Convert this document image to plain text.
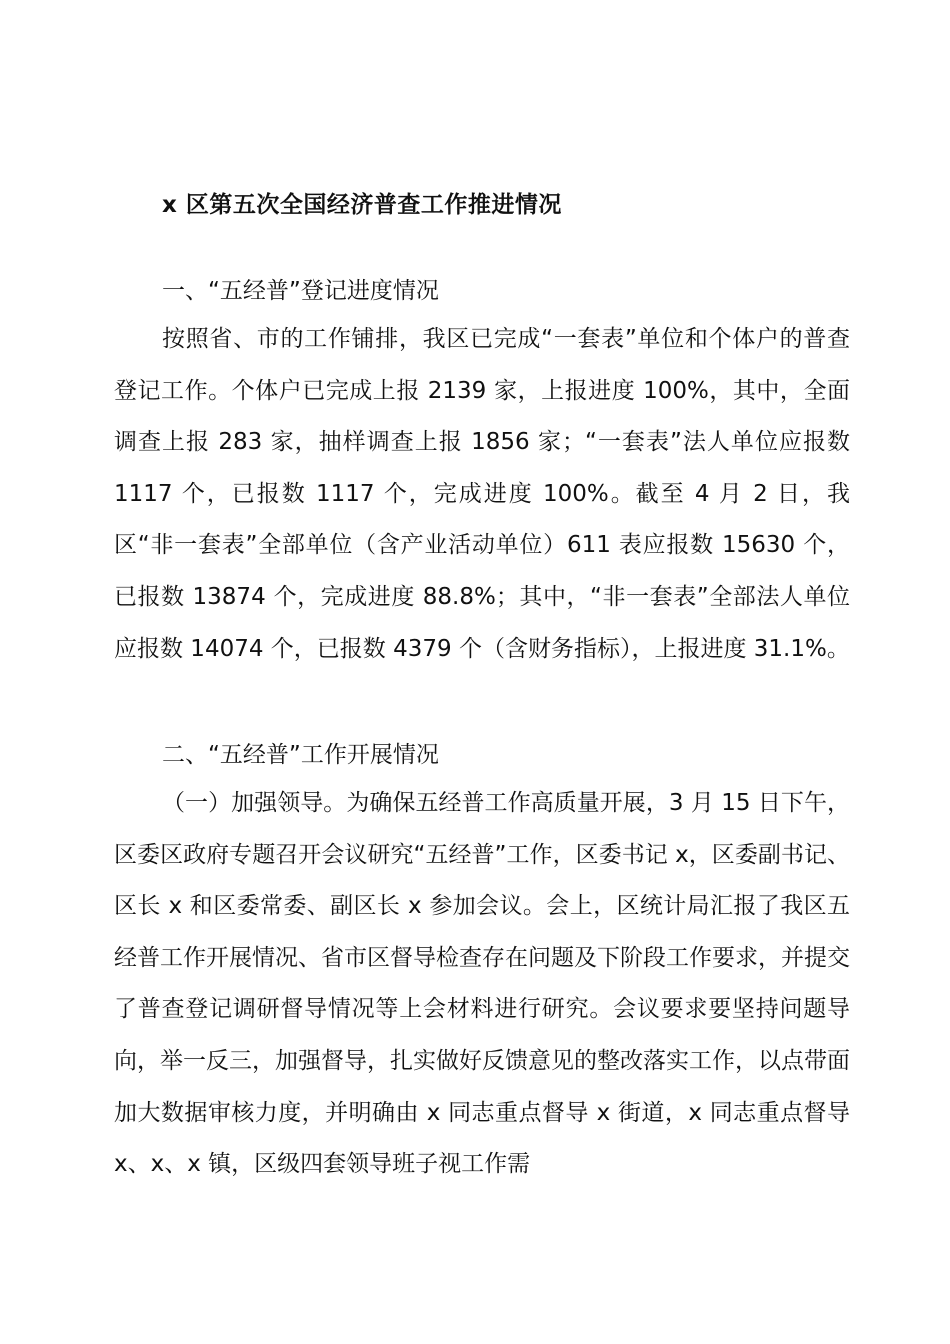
x 区第五次全国经济普查工作推进情况
一、“五经普”登记进度情况

按照省、市的工作铺排，我区已完成“一套表”单位和个体户的普查登记工作。个体户已完成上报 2139 家，上报进度 100%，其中，全面调查上报 283 家，抽样调查上报 1856 家；“一套表”法人单位应报数 1117 个，已报数 1117 个，完成进度 100%。截至 4 月 2 日，我区“非一套表”全部单位（含产业活动单位）611 表应报数 15630 个，已报数 13874 个，完成进度 88.8%；其中，“非一套表”全部法人单位应报数 14074 个，已报数 4379 个（含财务指标），上报进度 31.1%。

二、“五经普”工作开展情况

（一）加强领导。为确保五经普工作高质量开展，3 月 15 日下午，区委区政府专题召开会议研究“五经普”工作，区委书记 x，区委副书记、区长 x 和区委常委、副区长 x 参加会议。会上，区统计局汇报了我区五经普工作开展情况、省市区督导检查存在问题及下阶段工作要求，并提交了普查登记调研督导情况等上会材料进行研究。会议要求要坚持问题导向，举一反三，加强督导，扎实做好反馈意见的整改落实工作，以点带面加大数据审核力度，并明确由 x 同志重点督导 x 街道，x 同志重点督导 x、x、x 镇，区级四套领导班子视工作需
